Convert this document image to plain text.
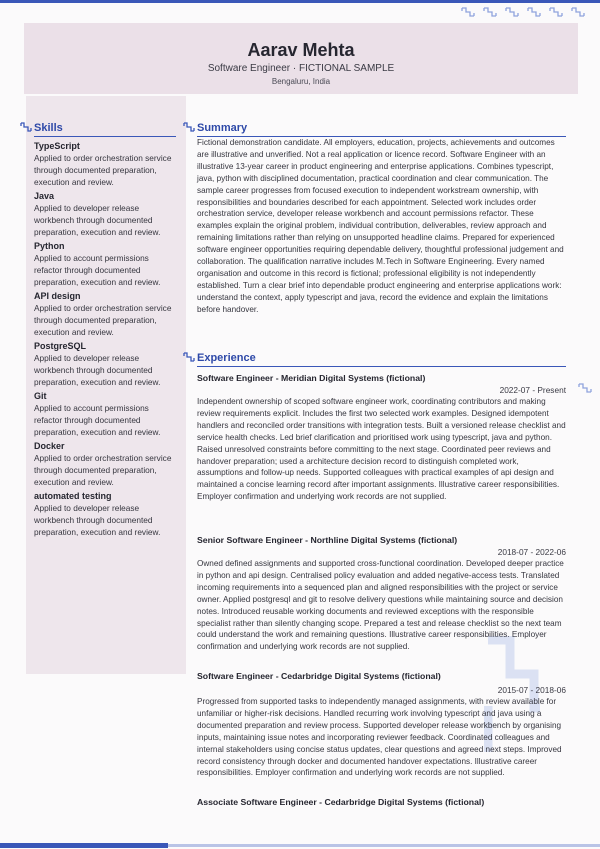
Aarav Mehta
Software Engineer · FICTIONAL SAMPLE
Bengaluru, India
Skills
TypeScript
Applied to order orchestration service through documented preparation, execution and review.
Java
Applied to developer release workbench through documented preparation, execution and review.
Python
Applied to account permissions refactor through documented preparation, execution and review.
API design
Applied to order orchestration service through documented preparation, execution and review.
PostgreSQL
Applied to developer release workbench through documented preparation, execution and review.
Git
Applied to account permissions refactor through documented preparation, execution and review.
Docker
Applied to order orchestration service through documented preparation, execution and review.
automated testing
Applied to developer release workbench through documented preparation, execution and review.
Summary
Fictional demonstration candidate. All employers, education, projects, achievements and outcomes are illustrative and unverified. Not a real application or licence record. Software Engineer with an illustrative 13-year career in product engineering and enterprise applications. Combines typescript, java, python with disciplined documentation, practical coordination and clear communication. The sample career progresses from focused execution to independent workstream ownership, with responsibilities and boundaries described for each appointment. Selected work includes order orchestration service, developer release workbench and account permissions refactor. These examples explain the original problem, individual contribution, deliverables, review approach and remaining limitations rather than relying on unsupported headline claims. Prepared for experienced software engineer opportunities requiring dependable delivery, thoughtful professional judgement and collaboration. The qualification narrative includes M.Tech in Software Engineering. Every named organisation and outcome in this record is fictional; professional eligibility is not independently established. Turn a clear brief into dependable product engineering and enterprise applications work: understand the context, apply typescript and java, record the evidence and explain the limitations before handover.
Experience
Software Engineer - Meridian Digital Systems (fictional)
2022-07 - Present
Independent ownership of scoped software engineer work, coordinating contributors and making review requirements explicit. Includes the first two selected work examples. Designed idempotent handlers and reconciled order transitions with integration tests. Built a versioned release checklist and service health checks. Led brief clarification and prioritised work using typescript, java and python. Raised unresolved constraints before committing to the next stage. Coordinated peer reviews and handover preparation; used a architecture decision record to distinguish completed work, assumptions and follow-up needs. Supported colleagues with practical examples of api design and maintained a concise learning record after important assignments. Illustrative career responsibilities. Employer confirmation and underlying work records are not supplied.
Senior Software Engineer - Northline Digital Systems (fictional)
2018-07 - 2022-06
Owned defined assignments and supported cross-functional coordination. Developed deeper practice in python and api design. Centralised policy evaluation and added negative-access tests. Translated incoming requirements into a sequenced plan and aligned responsibilities with the project or service owner. Applied postgresql and git to resolve delivery questions while maintaining source and decision notes. Introduced reusable working documents and reviewed exceptions with the responsible specialist rather than silently changing scope. Prepared a test and release checklist so the next team could understand the work and remaining questions. Illustrative career responsibilities. Employer confirmation and underlying work records are not supplied.
Software Engineer - Cedarbridge Digital Systems (fictional)
2015-07 - 2018-06
Progressed from supported tasks to independently managed assignments, with review available for unfamiliar or higher-risk decisions. Handled recurring work involving typescript and java using a documented preparation and review process. Supported developer release workbench by organising inputs, maintaining issue notes and incorporating reviewer feedback. Coordinated colleagues and internal stakeholders using concise status updates, clear questions and agreed next steps. Improved record consistency through docker and documented handover expectations. Illustrative career responsibilities. Employer confirmation and underlying work records are not supplied.
Associate Software Engineer - Cedarbridge Digital Systems (fictional)
